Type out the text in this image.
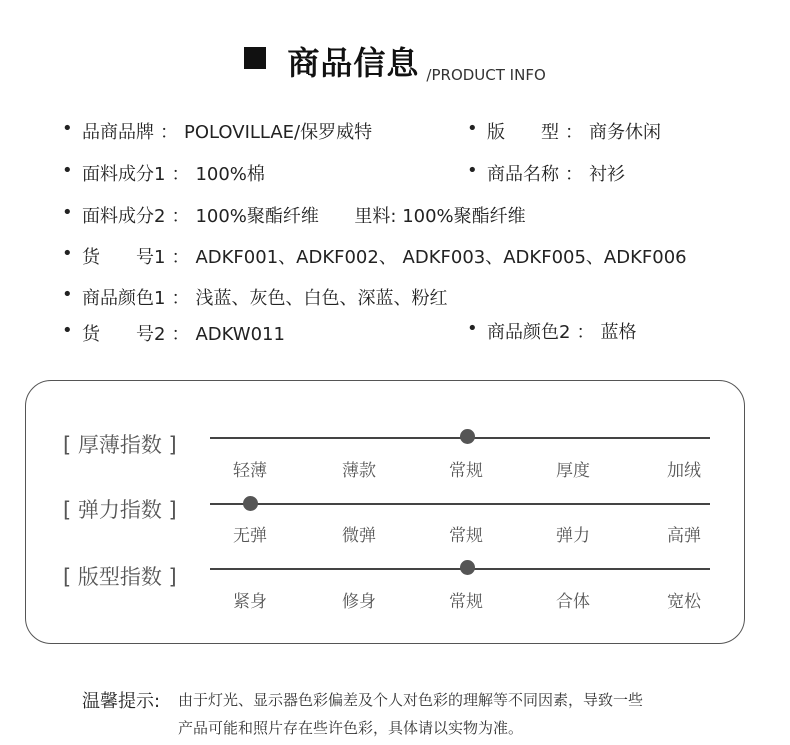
商品信息 /PRODUCT INFO
• 品商品牌 ： POLOVILLAE/保罗威特	• 版　　型 ： 商务休闲
• 面料成分1 ： 100%棉	• 商品名称 ： 衬衫
• 面料成分2 ： 100%聚酯纤维 里料: 100%聚酯纤维
• 货　　号1 ： ADKF001、ADKF002、 ADKF003、ADKF005、ADKF006
• 商品颜色1 ： 浅蓝、灰色、白色、深蓝、粉红
• 货　　号2 ： ADKW011	• 商品颜色2 ： 蓝格
[ 厚薄指数 ]
轻薄	薄款	常规	厚度	加绒
[ 弹力指数 ]
无弹	微弹	常规	弹力	高弹
[ 版型指数 ]
紧身	修身	常规	合体	宽松
温馨提示: 由于灯光、显示器色彩偏差及个人对色彩的理解等不同因素，导致一些
产品可能和照片存在些许色彩，具体请以实物为准。
